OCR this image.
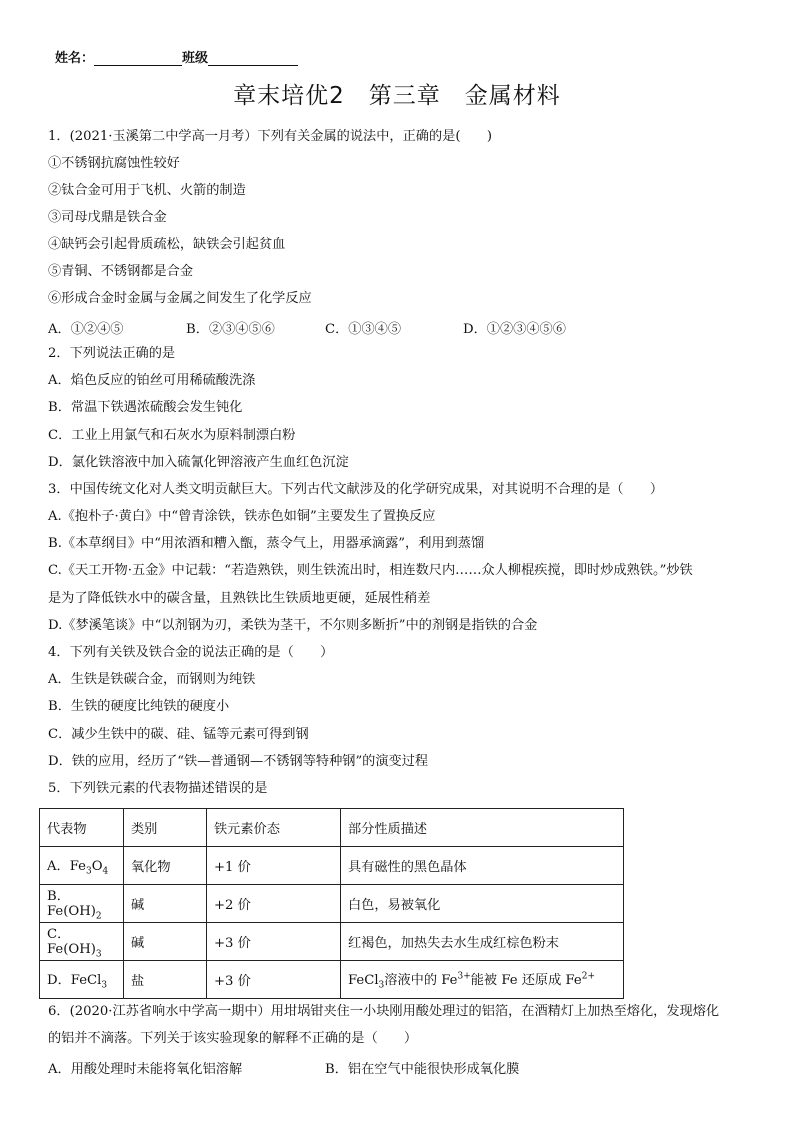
姓名：	班级
章末培优2　第三章　金属材料
1．(2021·玉溪第二中学高一月考）下列有关金属的说法中，正确的是(　　)
①不锈钢抗腐蚀性较好
②钛合金可用于飞机、火箭的制造
③司母戊鼎是铁合金
④缺钙会引起骨质疏松，缺铁会引起贫血
⑤青铜、不锈钢都是合金
⑥形成合金时金属与金属之间发生了化学反应
A．①②④⑤	B．②③④⑤⑥	C．①③④⑤	D．①②③④⑤⑥
2．下列说法正确的是
A．焰色反应的铂丝可用稀硫酸洗涤
B．常温下铁遇浓硫酸会发生钝化
C．工业上用氯气和石灰水为原料制漂白粉
D．氯化铁溶液中加入硫氰化钾溶液产生血红色沉淀
3．中国传统文化对人类文明贡献巨大。下列古代文献涉及的化学研究成果，对其说明不合理的是（　　）
A.《抱朴子·黄白》中“曾青涂铁，铁赤色如铜”主要发生了置换反应
B.《本草纲目》中“用浓酒和糟入甑，蒸令气上，用器承滴露”，利用到蒸馏
C.《天工开物·五金》中记载：“若造熟铁，则生铁流出时，相连数尺内……众人柳棍疾搅，即时炒成熟铁。”炒铁
是为了降低铁水中的碳含量，且熟铁比生铁质地更硬，延展性稍差
D.《梦溪笔谈》中“以剂钢为刃，柔铁为茎干，不尔则多断折”中的剂钢是指铁的合金
4．下列有关铁及铁合金的说法正确的是（　　）
A．生铁是铁碳合金，而钢则为纯铁
B．生铁的硬度比纯铁的硬度小
C．减少生铁中的碳、硅、锰等元素可得到钢
D．铁的应用，经历了“铁—普通钢—不锈钢等特种钢”的演变过程
5．下列铁元素的代表物描述错误的是
代表物	类别	铁元素价态	部分性质描述
A．$Fe_3O_4$	氧化物	+1 价	具有磁性的黑色晶体
B．$Fe(OH)_2$	碱	+2 价	白色，易被氧化
C．$Fe(OH)_3$	碱	+3 价	红褐色，加热失去水生成红棕色粉末
D．FeCl$_3$	盐	+3 价	FeCl$_3$溶液中的 $Fe^{3+}$能被 Fe 还原成 $Fe^{2+}$
6．(2020·江苏省响水中学高一期中）用坩埚钳夹住一小块刚用酸处理过的铝箔，在酒精灯上加热至熔化，发现熔化
的铝并不滴落。下列关于该实验现象的解释不正确的是（　　）
A．用酸处理时未能将氧化铝溶解	B．铝在空气中能很快形成氧化膜
